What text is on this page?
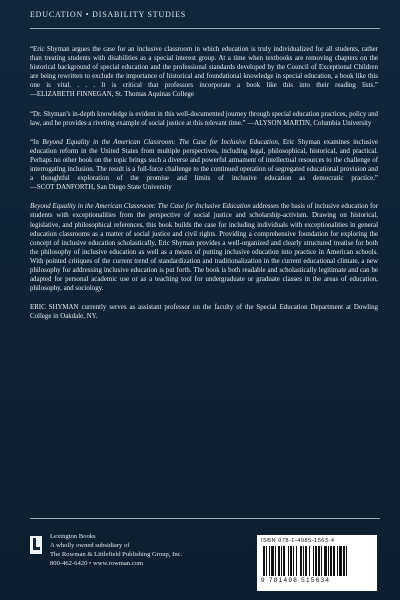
EDUCATION • DISABILITY STUDIES

“Eric Shyman argues the case for an inclusive classroom in which education is truly individualized for all students, rather than treating students with disabilities as a special interest group. At a time when textbooks are removing chapters on the historical background of special education and the professional standards developed by the Council of Exceptional Children are being rewritten to exclude the importance of historical and foundational knowledge in special education, a book like this one is vital. . . . It is critical that professors incorporate a book like this into their reading lists.” —ELIZABETH FINNEGAN, St. Thomas Aquinas College

“Dr. Shyman’s in-depth knowledge is evident in this well-documented journey through special education practices, policy and law, and he provides a riveting example of social justice at this relevant time.” —ALYSON MARTIN, Columbia University

“In Beyond Equality in the American Classroom: The Case for Inclusive Education, Eric Shyman examines inclusive education reform in the United States from multiple perspectives, including legal, philosophical, historical, and practical. Perhaps no other book on the topic brings such a diverse and powerful armament of intellectual resources to the challenge of interrogating inclusion. The result is a full-force challenge to the continued operation of segregated educational provision and a thoughtful exploration of the promise and limits of inclusive education as democratic practice.” —SCOT DANFORTH, San Diego State University

Beyond Equality in the American Classroom: The Case for Inclusive Education addresses the basis of inclusive education for students with exceptionalities from the perspective of social justice and scholarship-activism. Drawing on historical, legislative, and philosophical references, this book builds the case for including individuals with exceptionalities in general education classrooms as a matter of social justice and civil rights. Providing a comprehensive foundation for exploring the concept of inclusive education scholastically, Eric Shyman provides a well-organized and clearly structured treatise for both the philosophy of inclusive education as well as a means of putting inclusive education into practice in American schools. With pointed critiques of the current trend of standardization and traditionalization in the current educational climate, a new philosophy for addressing inclusive education is put forth. The book is both readable and scholastically legitimate and can be adapted for personal academic use or as a teaching tool for undergraduate or graduate classes in the areas of education, philosophy, and sociology.

ERIC SHYMAN currently serves as assistant professor on the faculty of the Special Education Department at Dowling College in Oakdale, NY.

Lexington Books
A wholly owned subsidiary of
The Rowman & Littlefield Publishing Group, Inc.
800-462-6420 • www.rowman.com
ISBN 978-1-4985-1563-4
9 781498 515634
